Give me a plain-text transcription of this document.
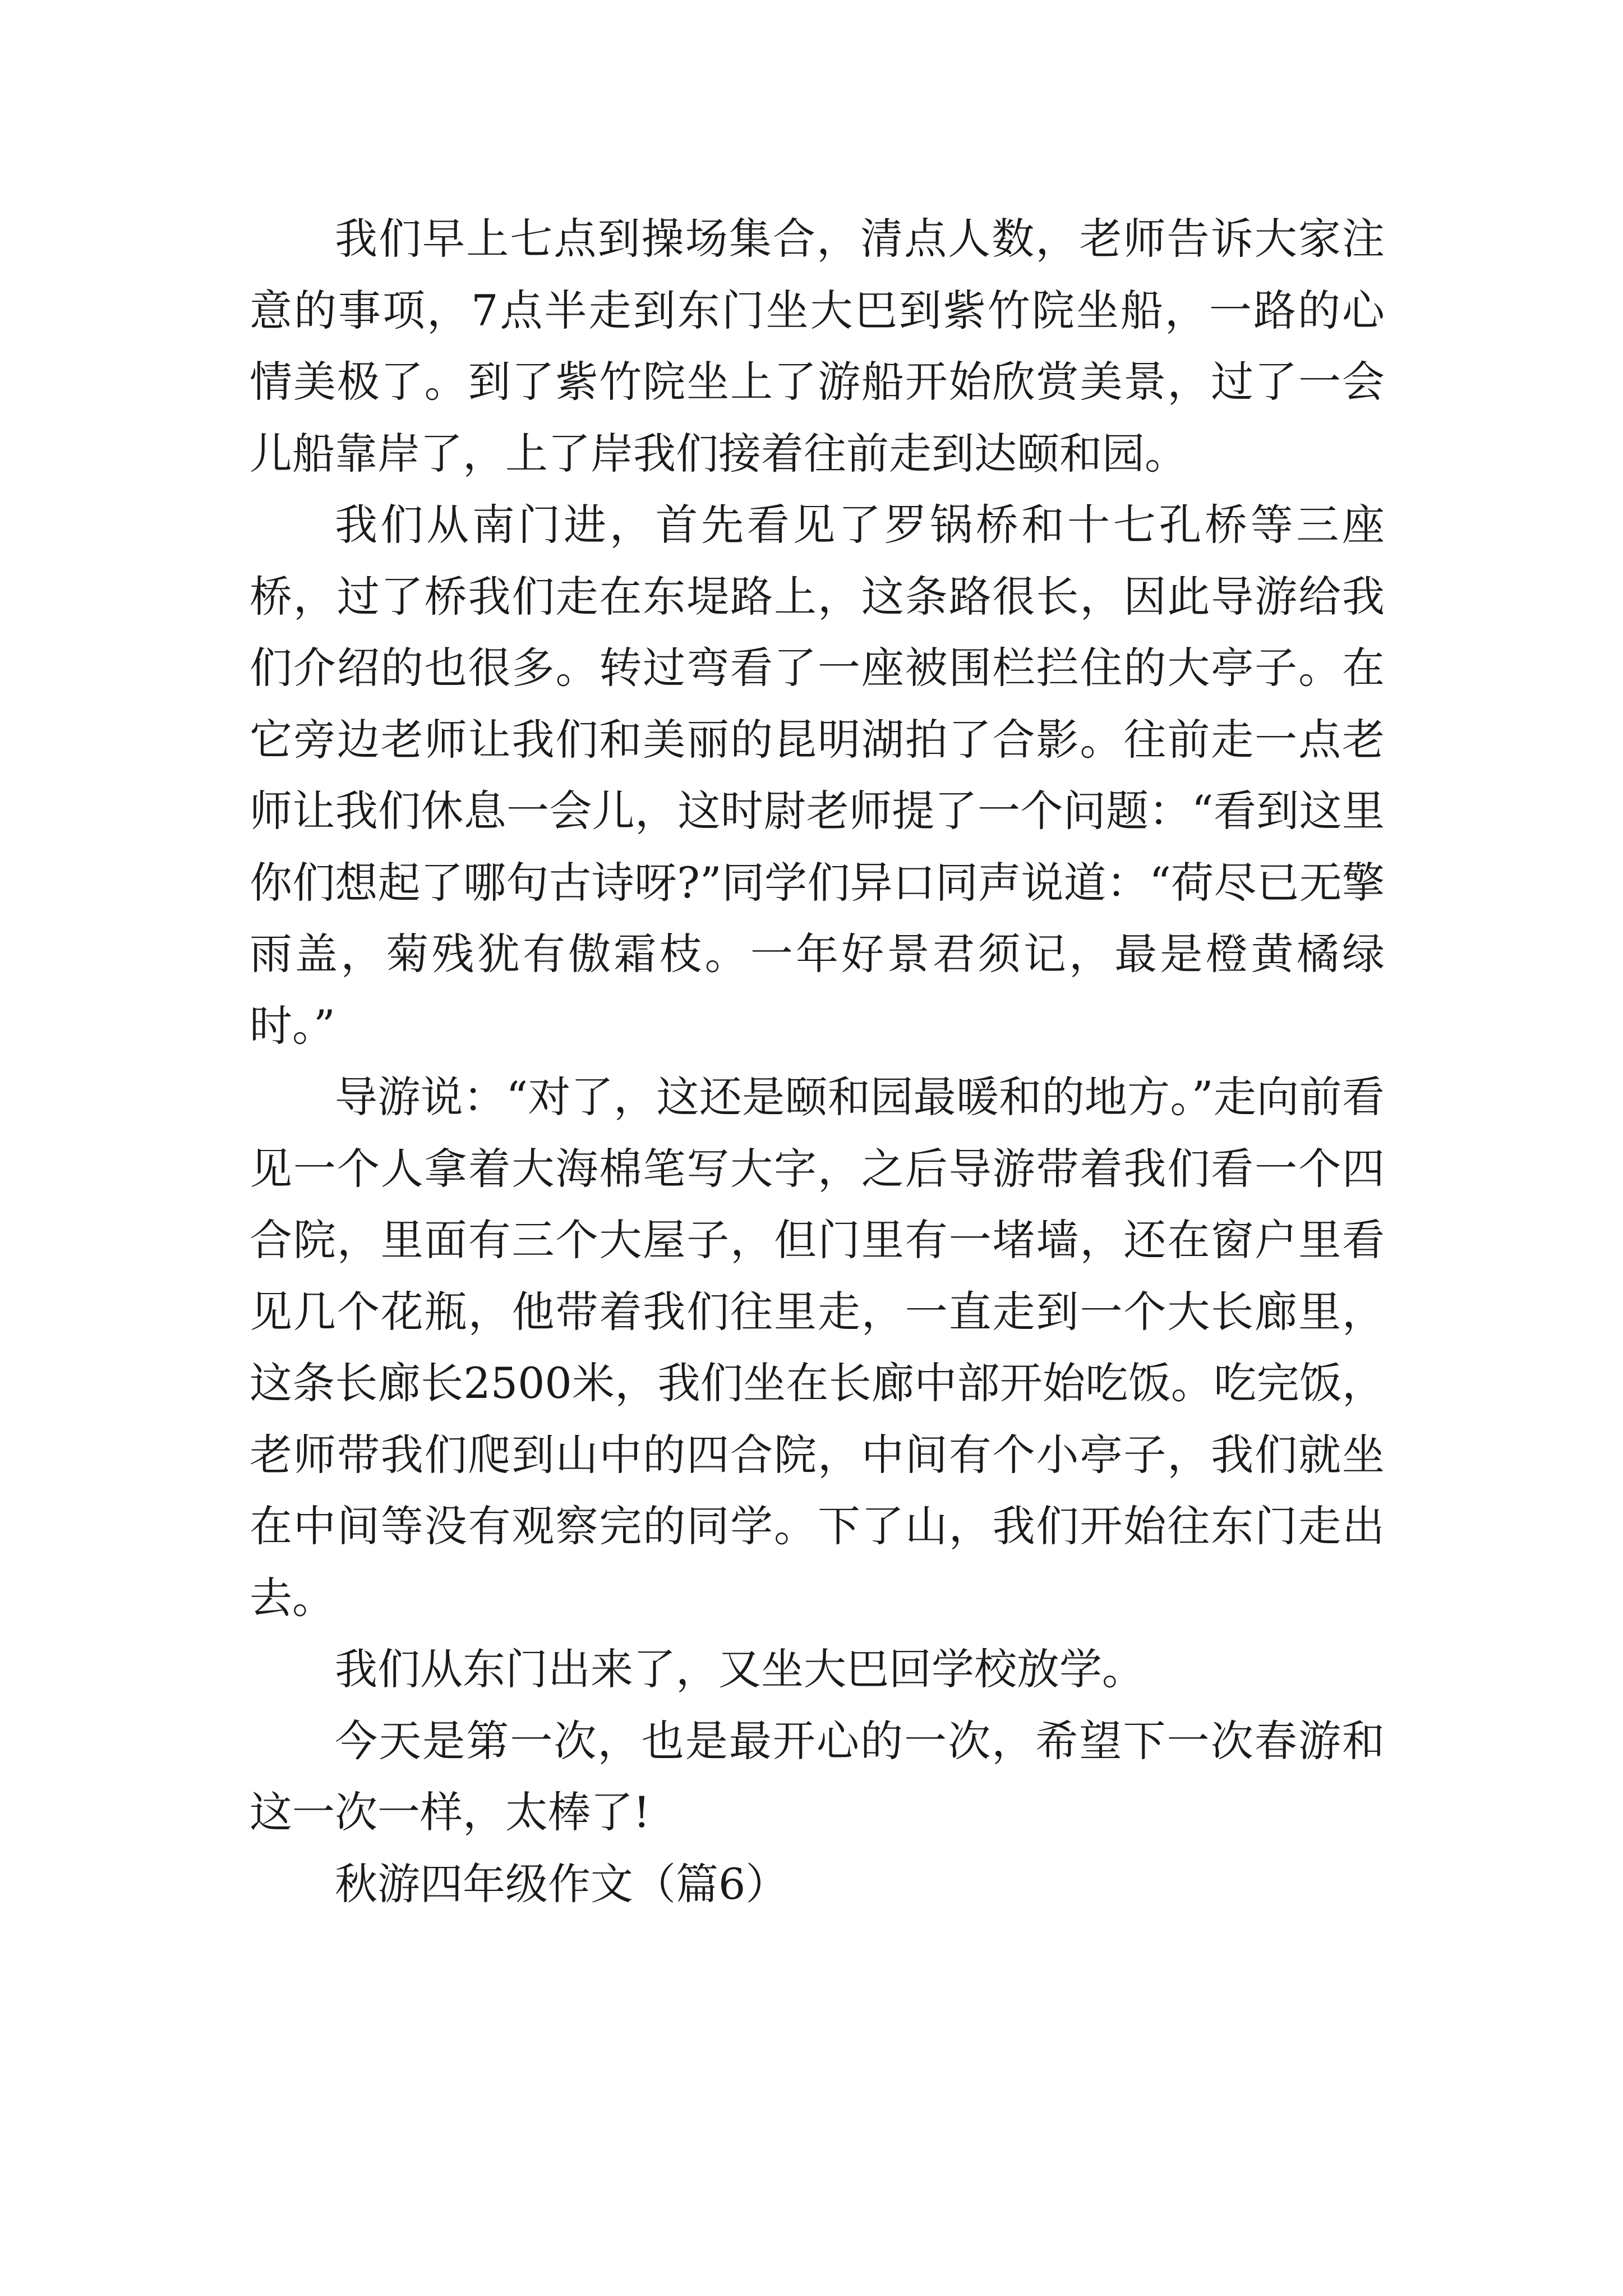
我们早上七点到操场集合，清点人数，老师告诉大家注意的事项，7点半走到东门坐大巴到紫竹院坐船，一路的心情美极了。到了紫竹院坐上了游船开始欣赏美景，过了一会儿船靠岸了，上了岸我们接着往前走到达颐和园。

我们从南门进，首先看见了罗锅桥和十七孔桥等三座桥，过了桥我们走在东堤路上，这条路很长，因此导游给我们介绍的也很多。转过弯看了一座被围栏拦住的大亭子。在它旁边老师让我们和美丽的昆明湖拍了合影。往前走一点老师让我们休息一会儿，这时尉老师提了一个问题：“看到这里你们想起了哪句古诗呀?”同学们异口同声说道：“荷尽已无擎雨盖，菊残犹有傲霜枝。一年好景君须记，最是橙黄橘绿时。”

导游说：“对了，这还是颐和园最暖和的地方。”走向前看见一个人拿着大海棉笔写大字，之后导游带着我们看一个四合院，里面有三个大屋子，但门里有一堵墙，还在窗户里看见几个花瓶，他带着我们往里走，一直走到一个大长廊里，这条长廊长2500米，我们坐在长廊中部开始吃饭。吃完饭，老师带我们爬到山中的四合院，中间有个小亭子，我们就坐在中间等没有观察完的同学。下了山，我们开始往东门走出去。

我们从东门出来了，又坐大巴回学校放学。

今天是第一次，也是最开心的一次，希望下一次春游和这一次一样，太棒了!

秋游四年级作文（篇6）
